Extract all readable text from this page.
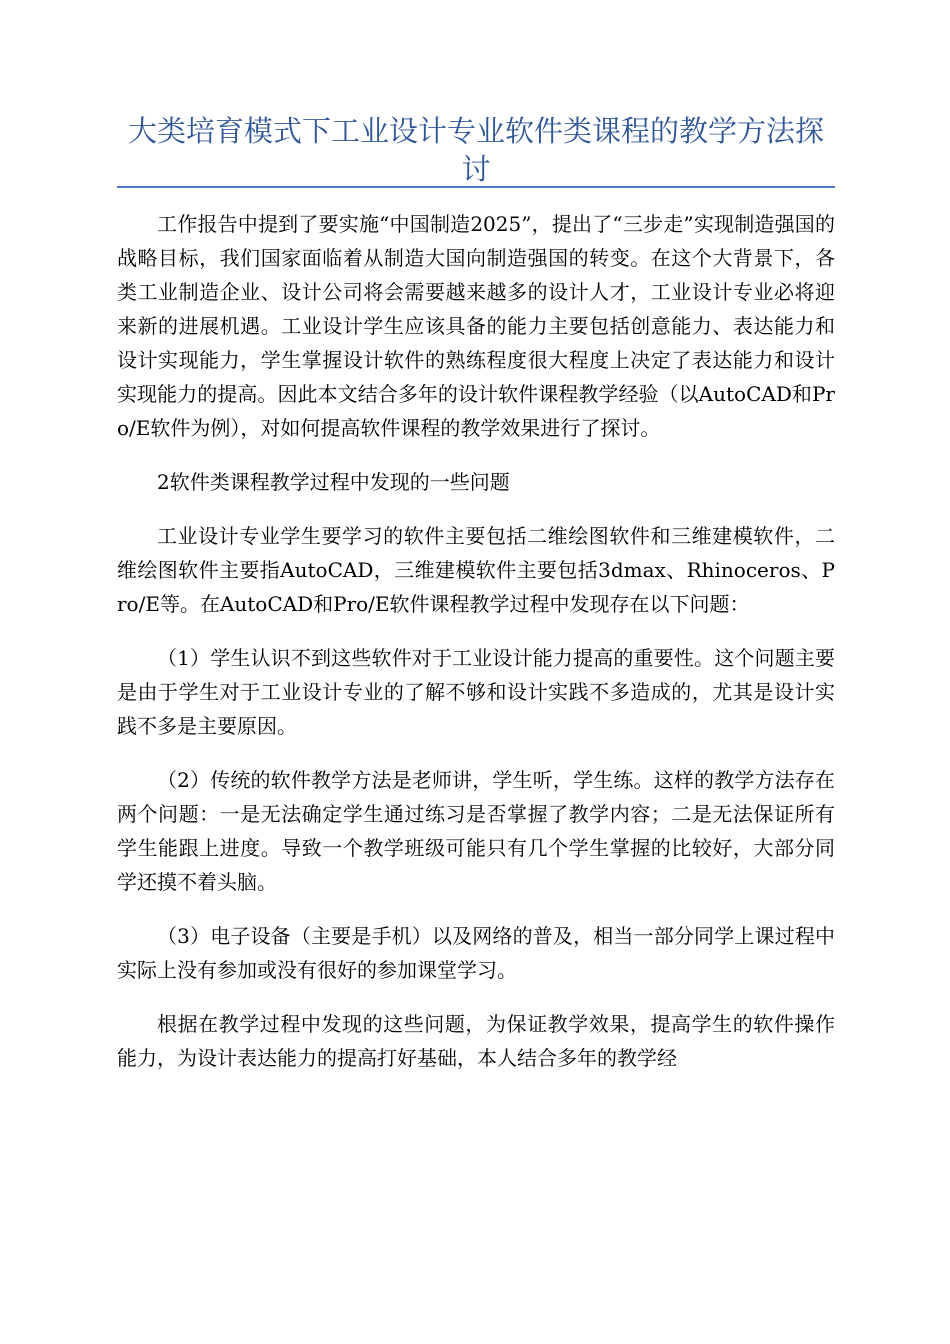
大类培育模式下工业设计专业软件类课程的教学方法探讨

工作报告中提到了要实施“中国制造2025”，提出了“三步走”实现制造强国的战略目标，我们国家面临着从制造大国向制造强国的转变。在这个大背景下，各类工业制造企业、设计公司将会需要越来越多的设计人才，工业设计专业必将迎来新的进展机遇。工业设计学生应该具备的能力主要包括创意能力、表达能力和设计实现能力，学生掌握设计软件的熟练程度很大程度上决定了表达能力和设计实现能力的提高。因此本文结合多年的设计软件课程教学经验（以AutoCAD和Pro/E软件为例），对如何提高软件课程的教学效果进行了探讨。

2软件类课程教学过程中发现的一些问题

工业设计专业学生要学习的软件主要包括二维绘图软件和三维建模软件，二维绘图软件主要指AutoCAD，三维建模软件主要包括3dmax、Rhinoceros、Pro/E等。在AutoCAD和Pro/E软件课程教学过程中发现存在以下问题：

（1）学生认识不到这些软件对于工业设计能力提高的重要性。这个问题主要是由于学生对于工业设计专业的了解不够和设计实践不多造成的，尤其是设计实践不多是主要原因。

（2）传统的软件教学方法是老师讲，学生听，学生练。这样的教学方法存在两个问题：一是无法确定学生通过练习是否掌握了教学内容；二是无法保证所有学生能跟上进度。导致一个教学班级可能只有几个学生掌握的比较好，大部分同学还摸不着头脑。

（3）电子设备（主要是手机）以及网络的普及，相当一部分同学上课过程中实际上没有参加或没有很好的参加课堂学习。

根据在教学过程中发现的这些问题，为保证教学效果，提高学生的软件操作能力，为设计表达能力的提高打好基础，本人结合多年的教学经
